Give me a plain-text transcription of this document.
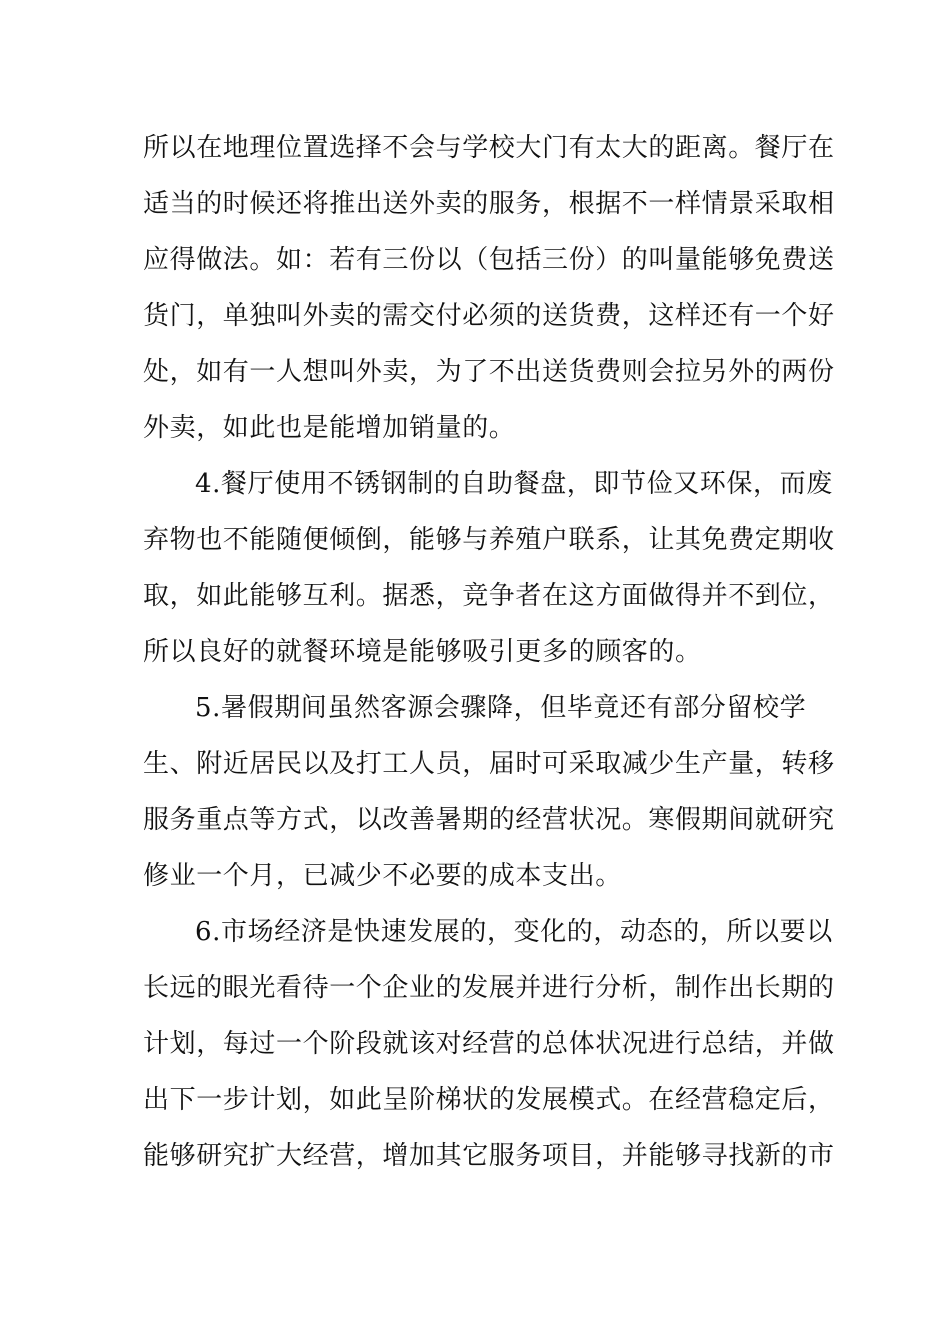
所以在地理位置选择不会与学校大门有太大的距离。餐厅在
适当的时候还将推出送外卖的服务，根据不一样情景采取相
应得做法。如：若有三份以（包括三份）的叫量能够免费送
货门，单独叫外卖的需交付必须的送货费，这样还有一个好
处，如有一人想叫外卖，为了不出送货费则会拉另外的两份
外卖，如此也是能增加销量的。
4.餐厅使用不锈钢制的自助餐盘，即节俭又环保，而废
弃物也不能随便倾倒，能够与养殖户联系，让其免费定期收
取，如此能够互利。据悉，竞争者在这方面做得并不到位，
所以良好的就餐环境是能够吸引更多的顾客的。
5.暑假期间虽然客源会骤降，但毕竟还有部分留校学
生、附近居民以及打工人员，届时可采取减少生产量，转移
服务重点等方式，以改善暑期的经营状况。寒假期间就研究
修业一个月，已减少不必要的成本支出。
6.市场经济是快速发展的，变化的，动态的，所以要以
长远的眼光看待一个企业的发展并进行分析，制作出长期的
计划，每过一个阶段就该对经营的总体状况进行总结，并做
出下一步计划，如此呈阶梯状的发展模式。在经营稳定后，
能够研究扩大经营，增加其它服务项目，并能够寻找新的市
